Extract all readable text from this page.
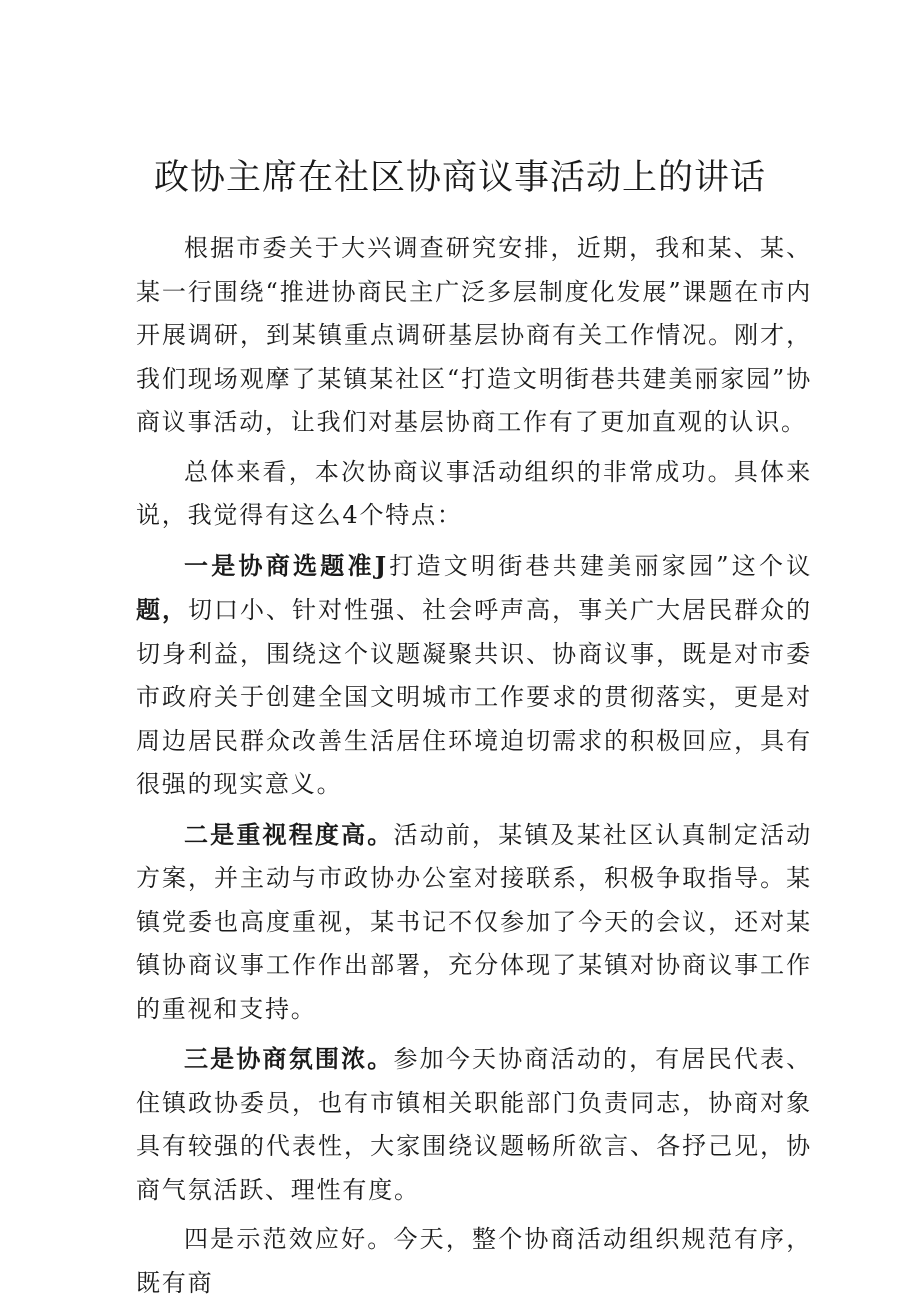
政协主席在社区协商议事活动上的讲话

根据市委关于大兴调查研究安排，近期，我和某、某、某一行围绕“推进协商民主广泛多层制度化发展”课题在市内开展调研，到某镇重点调研基层协商有关工作情况。刚才，我们现场观摩了某镇某社区“打造文明街巷共建美丽家园”协商议事活动，让我们对基层协商工作有了更加直观的认识。

总体来看，本次协商议事活动组织的非常成功。具体来说，我觉得有这么4个特点：

一是协商选题准J打造文明街巷共建美丽家园”这个议题，切口小、针对性强、社会呼声高，事关广大居民群众的切身利益，围绕这个议题凝聚共识、协商议事，既是对市委市政府关于创建全国文明城市工作要求的贯彻落实，更是对周边居民群众改善生活居住环境迫切需求的积极回应，具有很强的现实意义。

二是重视程度高。活动前，某镇及某社区认真制定活动方案，并主动与市政协办公室对接联系，积极争取指导。某镇党委也高度重视，某书记不仅参加了今天的会议，还对某镇协商议事工作作出部署，充分体现了某镇对协商议事工作的重视和支持。

三是协商氛围浓。参加今天协商活动的，有居民代表、住镇政协委员，也有市镇相关职能部门负责同志，协商对象具有较强的代表性，大家围绕议题畅所欲言、各抒己见，协商气氛活跃、理性有度。

四是示范效应好。今天，整个协商活动组织规范有序，既有商
